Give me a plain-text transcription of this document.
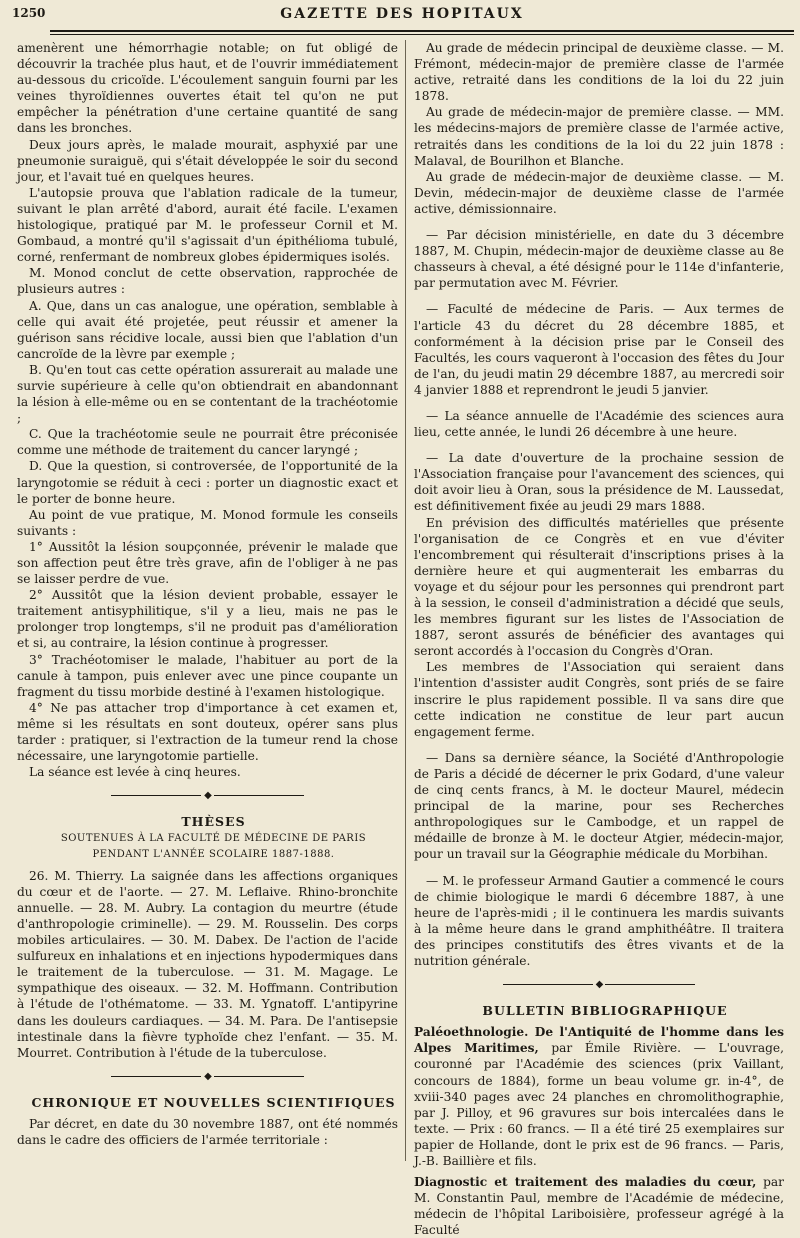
1250	GAZETTE DES HOPITAUX

amenèrent une hémorrhagie notable; on fut obligé de découvrir la trachée plus haut, et de l'ouvrir immédiatement au-dessous du cricoïde. L'écoulement sanguin fourni par les veines thyroïdiennes ouvertes était tel qu'on ne put empêcher la pénétration d'une certaine quantité de sang dans les bronches.

Deux jours après, le malade mourait, asphyxié par une pneumonie suraiguë, qui s'était développée le soir du second jour, et l'avait tué en quelques heures.

L'autopsie prouva que l'ablation radicale de la tumeur, suivant le plan arrêté d'abord, aurait été facile. L'examen histologique, pratiqué par M. le professeur Cornil et M. Gombaud, a montré qu'il s'agissait d'un épithélioma tubulé, corné, renfermant de nombreux globes épidermiques isolés.

M. Monod conclut de cette observation, rapprochée de plusieurs autres :

A. Que, dans un cas analogue, une opération, semblable à celle qui avait été projetée, peut réussir et amener la guérison sans récidive locale, aussi bien que l'ablation d'un cancroïde de la lèvre par exemple ;

B. Qu'en tout cas cette opération assurerait au malade une survie supérieure à celle qu'on obtiendrait en abandonnant la lésion à elle-même ou en se contentant de la trachéotomie ;

C. Que la trachéotomie seule ne pourrait être préconisée comme une méthode de traitement du cancer laryngé ;

D. Que la question, si controversée, de l'opportunité de la laryngotomie se réduit à ceci : porter un diagnostic exact et le porter de bonne heure.

Au point de vue pratique, M. Monod formule les conseils suivants :

1° Aussitôt la lésion soupçonnée, prévenir le malade que son affection peut être très grave, afin de l'obliger à ne pas se laisser perdre de vue.

2° Aussitôt que la lésion devient probable, essayer le traitement antisyphilitique, s'il y a lieu, mais ne pas le prolonger trop longtemps, s'il ne produit pas d'amélioration et si, au contraire, la lésion continue à progresser.

3° Trachéotomiser le malade, l'habituer au port de la canule à tampon, puis enlever avec une pince coupante un fragment du tissu morbide destiné à l'examen histologique.

4° Ne pas attacher trop d'importance à cet examen et, même si les résultats en sont douteux, opérer sans plus tarder : pratiquer, si l'extraction de la tumeur rend la chose nécessaire, une laryngotomie partielle.

La séance est levée à cinq heures.

◆

THÈSES

SOUTENUES À LA FACULTÉ DE MÉDECINE DE PARIS

PENDANT L'ANNÉE SCOLAIRE 1887-1888.

26. M. Thierry. La saignée dans les affections organiques du cœur et de l'aorte. — 27. M. Leflaive. Rhino-bronchite annuelle. — 28. M. Aubry. La contagion du meurtre (étude d'anthropologie criminelle). — 29. M. Rousselin. Des corps mobiles articulaires. — 30. M. Dabex. De l'action de l'acide sulfureux en inhalations et en injections hypodermiques dans le traitement de la tuberculose. — 31. M. Magage. Le sympathique des oiseaux. — 32. M. Hoffmann. Contribution à l'étude de l'othématome. — 33. M. Ygnatoff. L'antipyrine dans les douleurs cardiaques. — 34. M. Para. De l'antisepsie intestinale dans la fièvre typhoïde chez l'enfant. — 35. M. Mourret. Contribution à l'étude de la tuberculose.

◆

CHRONIQUE ET NOUVELLES SCIENTIFIQUES

Par décret, en date du 30 novembre 1887, ont été nommés dans le cadre des officiers de l'armée territoriale :

Au grade de médecin principal de deuxième classe. — M. Frémont, médecin-major de première classe de l'armée active, retraité dans les conditions de la loi du 22 juin 1878.

Au grade de médecin-major de première classe. — MM. les médecins-majors de première classe de l'armée active, retraités dans les conditions de la loi du 22 juin 1878 : Malaval, de Bourilhon et Blanche.

Au grade de médecin-major de deuxième classe. — M. Devin, médecin-major de deuxième classe de l'armée active, démissionnaire.

— Par décision ministérielle, en date du 3 décembre 1887, M. Chupin, médecin-major de deuxième classe au 8e chasseurs à cheval, a été désigné pour le 114e d'infanterie, par permutation avec M. Février.

— Faculté de médecine de Paris. — Aux termes de l'article 43 du décret du 28 décembre 1885, et conformément à la décision prise par le Conseil des Facultés, les cours vaqueront à l'occasion des fêtes du Jour de l'an, du jeudi matin 29 décembre 1887, au mercredi soir 4 janvier 1888 et reprendront le jeudi 5 janvier.

— La séance annuelle de l'Académie des sciences aura lieu, cette année, le lundi 26 décembre à une heure.

— La date d'ouverture de la prochaine session de l'Association française pour l'avancement des sciences, qui doit avoir lieu à Oran, sous la présidence de M. Laussedat, est définitivement fixée au jeudi 29 mars 1888.

En prévision des difficultés matérielles que présente l'organisation de ce Congrès et en vue d'éviter l'encombrement qui résulterait d'inscriptions prises à la dernière heure et qui augmenterait les embarras du voyage et du séjour pour les personnes qui prendront part à la session, le conseil d'administration a décidé que seuls, les membres figurant sur les listes de l'Association de 1887, seront assurés de bénéficier des avantages qui seront accordés à l'occasion du Congrès d'Oran.

Les membres de l'Association qui seraient dans l'intention d'assister audit Congrès, sont priés de se faire inscrire le plus rapidement possible. Il va sans dire que cette indication ne constitue de leur part aucun engagement ferme.

— Dans sa dernière séance, la Société d'Anthropologie de Paris a décidé de décerner le prix Godard, d'une valeur de cinq cents francs, à M. le docteur Maurel, médecin principal de la marine, pour ses Recherches anthropologiques sur le Cambodge, et un rappel de médaille de bronze à M. le docteur Atgier, médecin-major, pour un travail sur la Géographie médicale du Morbihan.

— M. le professeur Armand Gautier a commencé le cours de chimie biologique le mardi 6 décembre 1887, à une heure de l'après-midi ; il le continuera les mardis suivants à la même heure dans le grand amphithéâtre. Il traitera des principes constitutifs des êtres vivants et de la nutrition générale.

◆

BULLETIN BIBLIOGRAPHIQUE

Paléoethnologie. De l'Antiquité de l'homme dans les Alpes Maritimes, par Émile Rivière. — L'ouvrage, couronné par l'Académie des sciences (prix Vaillant, concours de 1884), forme un beau volume gr. in-4°, de xviii-340 pages avec 24 planches en chromolithographie, par J. Pilloy, et 96 gravures sur bois intercalées dans le texte. — Prix : 60 francs. — Il a été tiré 25 exemplaires sur papier de Hollande, dont le prix est de 96 francs. — Paris, J.-B. Baillière et fils.

Diagnostic et traitement des maladies du cœur, par M. Constantin Paul, membre de l'Académie de médecine, médecin de l'hôpital Lariboisière, professeur agrégé à la Faculté
